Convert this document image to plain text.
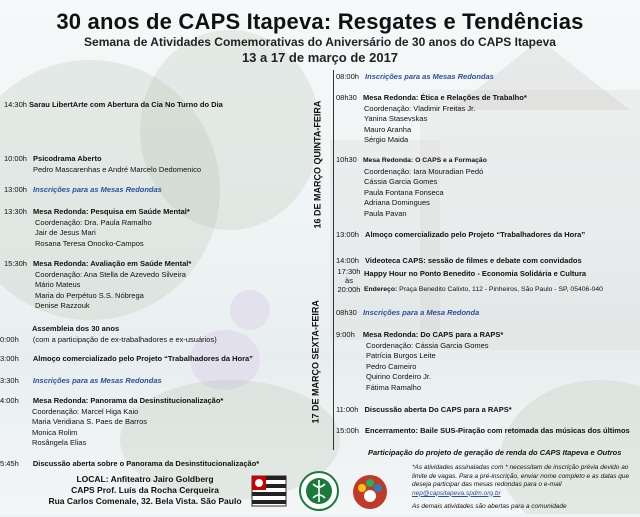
30 anos de CAPS Itapeva: Resgates e Tendências
Semana de Atividades Comemorativas do Aniversário de 30 anos do CAPS Itapeva
13 a 17 de março de 2017
14:30h Sarau LibertArte com Abertura da Cia No Turno do Dia
10:00h Psicodrama Aberto
Pedro Mascarenhas e André Marcelo Dedomenico
13:00h Inscrições para as Mesas Redondas
13:30h Mesa Redonda: Pesquisa em Saúde Mental*
Coordenação: Dra. Paula Ramalho
Jair de Jesus Mari
Rosana Teresa Onocko-Campos
15:30h Mesa Redonda: Avaliação em Saúde Mental*
Coordenação: Ana Stella de Azevedo Silveira
Mário Mateus
Maria do Perpétuo S.S. Nóbrega
Denise Razzouk
Assembleia dos 30 anos
0:00h (com a participação de ex-trabalhadores e ex-usuários)
3:00h Almoço comercializado pelo Projeto “Trabalhadores da Hora”
3:30h Inscrições para as Mesas Redondas
4:00h Mesa Redonda: Panorama da Desinstitucionalização*
Coordenação: Marcel Higa Kaio
Maria Veridiana S. Paes de Barros
Monica Rolim
Rosângela Elias
5:45h Discussão aberta sobre o Panorama da Desinstitucionalização*
16 DE MARÇO QUINTA-FEIRA
17 DE MARÇO SEXTA-FEIRA
08:00h Inscrições para as Mesas Redondas
08h30 Mesa Redonda: Ética e Relações de Trabalho*
Coordenação: Vladimir Freitas Jr.
Yanina Stasevskas
Mauro Aranha
Sérgio Maida
10h30 Mesa Redonda: O CAPS e a Formação
Coordenação: Iara Mouradian Pedó
Cássia Garcia Gomes
Paula Fontana Fonseca
Adriana Domingues
Paula Pavan
13:00h Almoço comercializado pelo Projeto “Trabalhadores da Hora”
14:00h Videoteca CAPS: sessão de filmes e debate com convidados
17:30h
às
20:00h
Happy Hour no Ponto Benedito - Economia Solidária e Cultura
Endereço: Praça Benedito Calixto, 112 - Pinheiros, São Paulo - SP, 05406-040
08h30 Inscrições para a Mesa Redonda
9:00h Mesa Redonda: Do CAPS para a RAPS*
Coordenação: Cássia Garcia Gomes
Patrícia Burgos Leite
Pedro Cameiro
Quirino Cordeiro Jr.
Fátima Ramalho
11:00h Discussão aberta Do CAPS para a RAPS*
15:00h Encerramento: Baile SUS-Piração com retomada das músicas dos últimos
Participação do projeto de geração de renda do CAPS Itapeva e Outros
LOCAL: Anfiteatro Jairo Goldberg
CAPS Prof. Luís da Rocha Cerqueira
Rua Carlos Comenale, 32. Bela Vista. São Paulo
*As atividades assinaladas com * necessitam de inscrição prévia devido ao
limite de vagas. Para a pré-inscrição, enviar nome completo e as datas que
deseja participar das mesas redondas para o e-mail
nep@capsitapeva.spdm.org.br
As demais atividades são abertas para a comunidade
